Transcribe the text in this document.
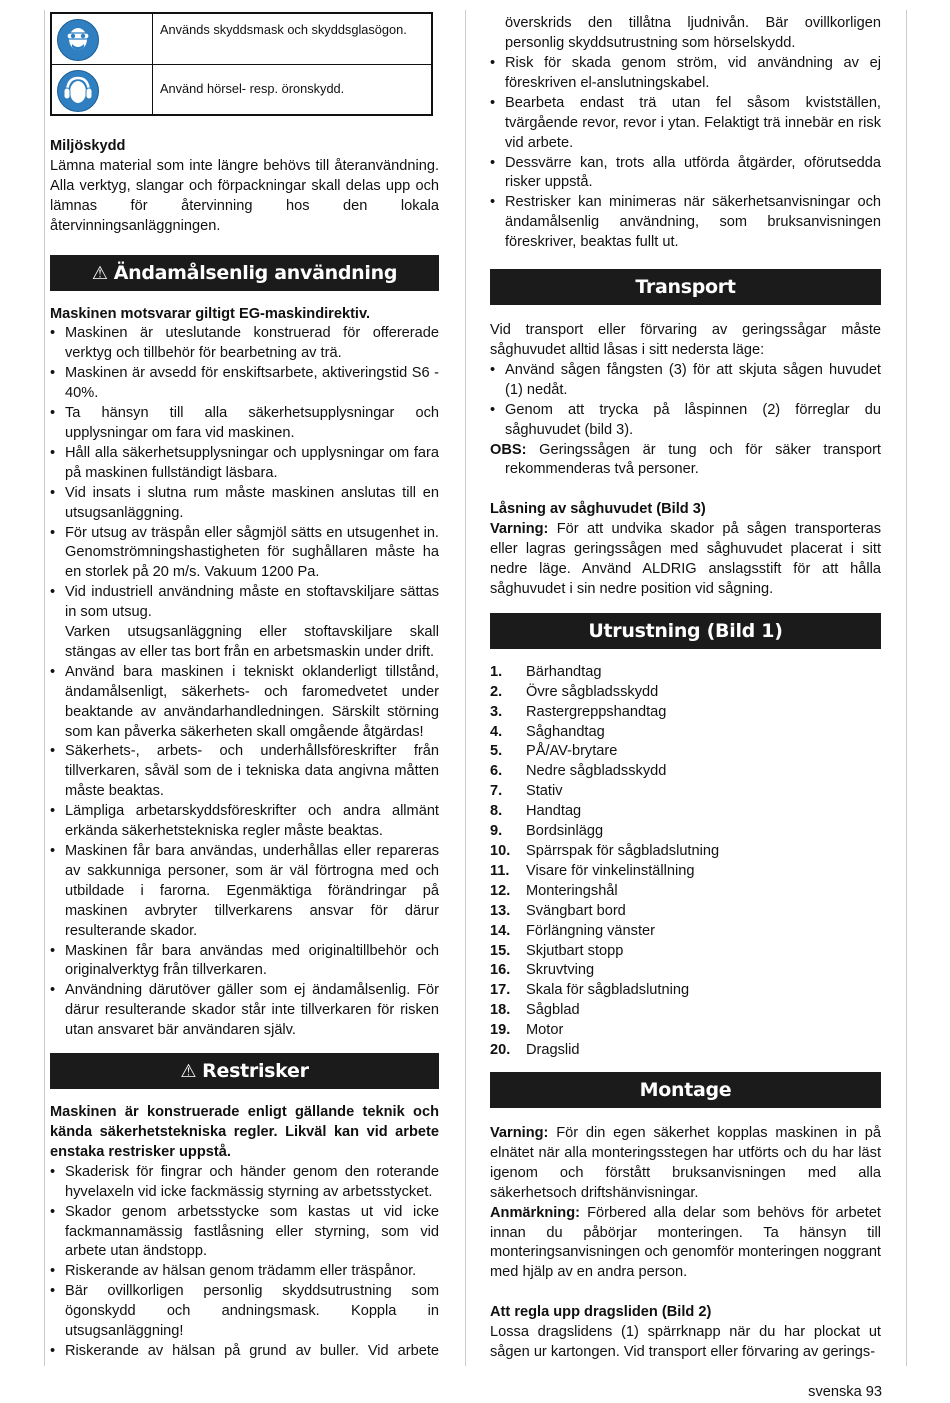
Används skyddsmask och skyddsglasögon.
Använd hörsel- resp. öronskydd.

Miljöskydd

Lämna material som inte längre behövs till återanvändning. Alla verktyg, slangar och förpackningar skall delas upp och lämnas för återvinning hos den lokala återvinningsanläggningen.

⚠ Ändamålsenlig användning

Maskinen motsvarar giltigt EG-maskindirektiv.

• Maskinen är uteslutande konstruerad för offererade verktyg och tillbehör för bearbetning av trä.
• Maskinen är avsedd för enskiftsarbete, aktiveringstid S6 - 40%.
• Ta hänsyn till alla säkerhetsupplysningar och upplysningar om fara vid maskinen.
• Håll alla säkerhetsupplysningar och upplysningar om fara på maskinen fullständigt läsbara.
• Vid insats i slutna rum måste maskinen anslutas till en utsugsanläggning.
• För utsug av träspån eller sågmjöl sätts en utsugenhet in. Genomströmningshastigheten för sughållaren måste ha en storlek på 20 m/s. Vakuum 1200 Pa.
• Vid industriell användning måste en stoftavskiljare sättas in som utsug.
Varken utsugsanläggning eller stoftavskiljare skall stängas av eller tas bort från en arbetsmaskin under drift.
• Använd bara maskinen i tekniskt oklanderligt tillstånd, ändamålsenligt, säkerhets- och faromedvetet under beaktande av användarhandledningen. Särskilt störning som kan påverka säkerheten skall omgående åtgärdas!
• Säkerhets-, arbets- och underhållsföreskrifter från tillverkaren, såväl som de i tekniska data angivna måtten måste beaktas.
• Lämpliga arbetarskyddsföreskrifter och andra allmänt erkända säkerhetstekniska regler måste beaktas.
• Maskinen får bara användas, underhållas eller repareras av sakkunniga personer, som är väl förtrogna med och utbildade i farorna. Egenmäktiga förändringar på maskinen avbryter tillverkarens ansvar för därur resulterande skador.
• Maskinen får bara användas med originaltillbehör och originalverktyg från tillverkaren.
• Användning därutöver gäller som ej ändamålsenlig. För därur resulterande skador står inte tillverkaren för risken utan ansvaret bär användaren själv.
⚠ Restrisker

Maskinen är konstruerade enligt gällande teknik och kända säkerhetstekniska regler. Likväl kan vid arbete enstaka restrisker uppstå.

• Skaderisk för fingrar och händer genom den roterande hyvelaxeln vid icke fackmässig styrning av arbetsstycket.
• Skador genom arbetsstycke som kastas ut vid icke fackmannamässig fastlåsning eller styrning, som vid arbete utan ändstopp.
• Riskerande av hälsan genom trädamm eller träspånor.
• Bär ovillkorligen personlig skyddsutrustning som ögonskydd och andningsmask. Koppla in utsugsanläggning!
• Riskerande av hälsan på grund av buller. Vid arbete
överskrids den tillåtna ljudnivån. Bär ovillkorligen personlig skyddsutrustning som hörselskydd.
• Risk för skada genom ström, vid användning av ej föreskriven el-anslutningskabel.
• Bearbeta endast trä utan fel såsom kvistställen, tvärgående revor, revor i ytan. Felaktigt trä innebär en risk vid arbete.
• Dessvärre kan, trots alla utförda åtgärder, oförutsedda risker uppstå.
• Restrisker kan minimeras när säkerhetsanvisningar och ändamålsenlig användning, som bruksanvisningen föreskriver, beaktas fullt ut.
Transport

Vid transport eller förvaring av geringssågar måste såghuvudet alltid låsas i sitt nedersta läge:

• Använd sågen fångsten (3) för att skjuta sågen huvudet (1) nedåt.
• Genom att trycka på låspinnen (2) förreglar du såghuvudet (bild 3).

OBS: Geringssågen är tung och för säker transport rekommenderas två personer.

Låsning av såghuvudet (Bild 3)

Varning: För att undvika skador på sågen transporteras eller lagras geringssågen med såghuvudet placerat i sitt nedre läge. Använd ALDRIG anslagsstift för att hålla såghuvudet i sin nedre position vid sågning.

Utrustning (Bild 1)
1. Bärhandtag
2. Övre sågbladsskydd
3. Rastergreppshandtag
4. Såghandtag
5. PÅ/AV-brytare
6. Nedre sågbladsskydd
7. Stativ
8. Handtag
9. Bordsinlägg
10. Spärrspak för sågbladslutning
11. Visare för vinkelinställning
12. Monteringshål
13. Svängbart bord
14. Förlängning vänster
15. Skjutbart stopp
16. Skruvtving
17. Skala för sågbladslutning
18. Sågblad
19. Motor
20. Dragslid
Montage

Varning: För din egen säkerhet kopplas maskinen in på elnätet när alla monteringsstegen har utförts och du har läst igenom och förstått bruksanvisningen med alla säkerhetsoch driftshänvisningar.

Anmärkning: Förbered alla delar som behövs för arbetet innan du påbörjar monteringen. Ta hänsyn till monteringsanvisningen och genomför monteringen noggrant med hjälp av en andra person.

Att regla upp dragsliden (Bild 2)

Lossa dragslidens (1) spärrknapp när du har plockat ut sågen ur kartongen. Vid transport eller förvaring av gerings-

svenska 93
